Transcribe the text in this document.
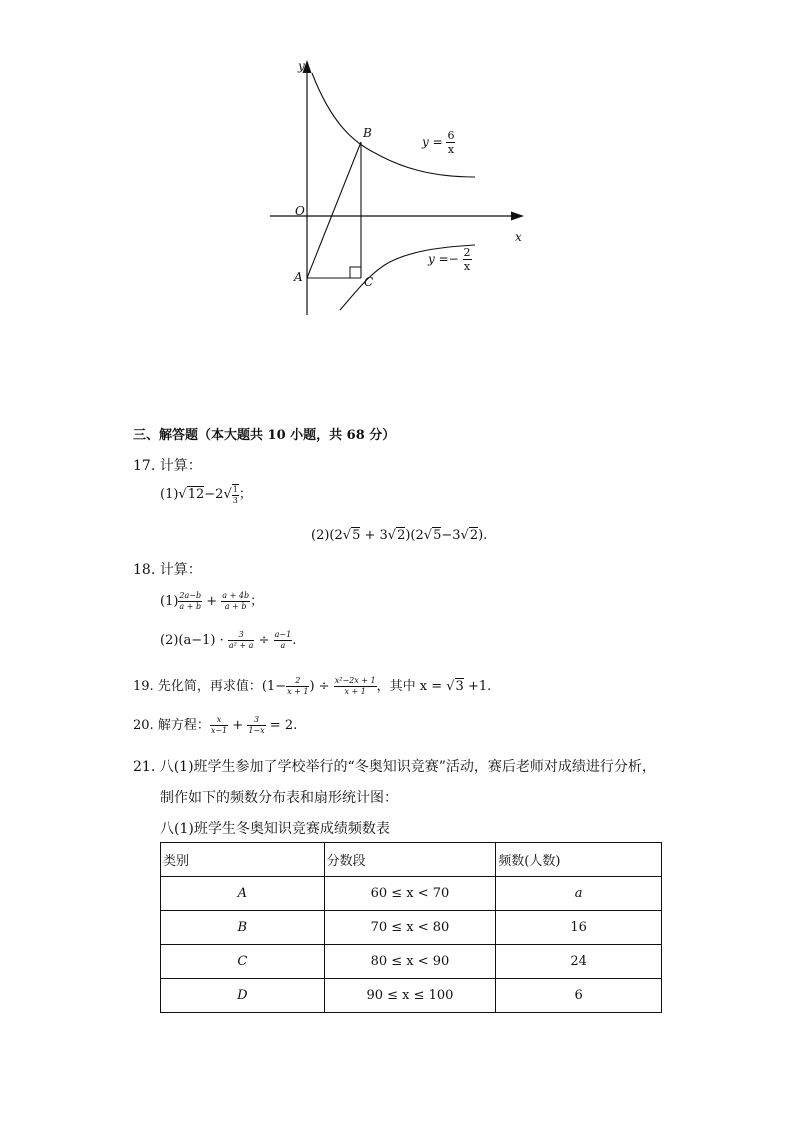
y
x
O
A
B
C
$y = \frac{6}{x}$
$y =- \frac{2}{x}$
三、解答题（本大题共 10 小题，共 68 分）
17. 计算：
$(1)√12-2√ \frac{1}{3}$ ；
(2)(2√5 + 3√2)(2√5−3√2).
18. 计算：
$(1) \frac{2a-b}{a + b} + \frac{a + 4b}{a + b}$ ；
$(2)(a-1) \cdot \frac{3}{\text{a² + a}} \div \frac{a-1}{a}$ .
19. 先化简，再求值：($1- \frac{2}{x + 1}$ ) ÷ $\frac{\text{x²−2x + 1}}{x + 1}$ ，其中 x = √3 +1.
20. 解方程： $\frac{x}{x-1} + \frac{3}{1-x} = 2$.
21. 八(1)班学生参加了学校举行的“冬奥知识竞赛”活动，赛后老师对成绩进行分析，
制作如下的频数分布表和扇形统计图：
八(1)班学生冬奥知识竞赛成绩频数表
类别	分数段	频数(人数)
A	60 ≤ x < 70	a
B	70 ≤ x < 80	16
C	80 ≤ x < 90	24
D	90 ≤ x ≤ 100	6
